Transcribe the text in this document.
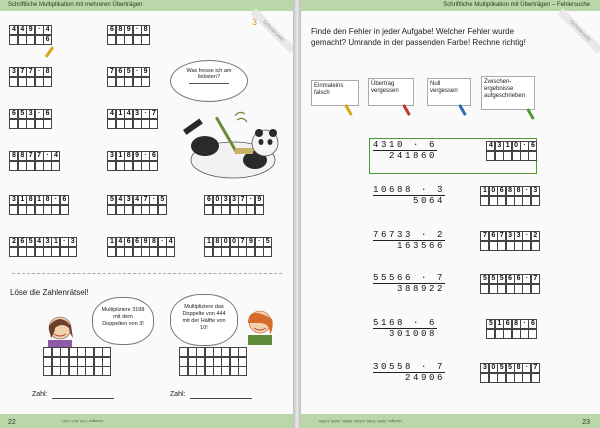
Schriftliche Multiplikation mit mehreren Überträgen
3 Schwierzeile
4 4 9 · 4
6
6 8 9 · 8
3 7 7 · 8	7 6 5 · 9
6 5 3 · 6	4 1 4 3 · 7
8 8 7 7 · 4	3 1 8 9 · 6
3 1 8 1 8 · 6	5 4 3 4 7 · 5	6 0 3 3 7 · 9
2 6 5 4 3 1 · 3	1 4 6 6 9 8 · 4	1 8 0 0 7 9 · 5
Was fresse ich am liebsten?
Löse die Zahlenrätsel!
Multipliziere 3198 mit dem Doppelten von 3!
Multipliziere das Doppelte von 444 mit der Hälfte von 10!
Zahl:	Zahl:
22	Lösungen: 1726, 1672, 1440...
Schriftliche Multiplikation mit Überträgen – Fehlersuche
Schwierzeile
Finde den Fehler in jeder Aufgabe! Welcher Fehler wurde gemacht? Umrande in der passenden Farbe! Rechne richtig!
Einmaleins falsch
Übertrag vergessen
Null vergessen
Zwischen-ergebnisse aufgeschrieben
4310 · 6
241860
4 3 1 0 · 6
10688 · 3
5064
1 0 6 8 8 · 3
76733 · 2
163566
7 6 7 3 3 · 2
55566 · 7
388922
5 5 5 6 6 · 7
5168 · 6
301008
5 1 6 8 · 6
30558 · 7
24906
3 0 5 5 8 · 7
23
Lösungen: 25860, 32064, 153466, 388962, 31008, 213906
